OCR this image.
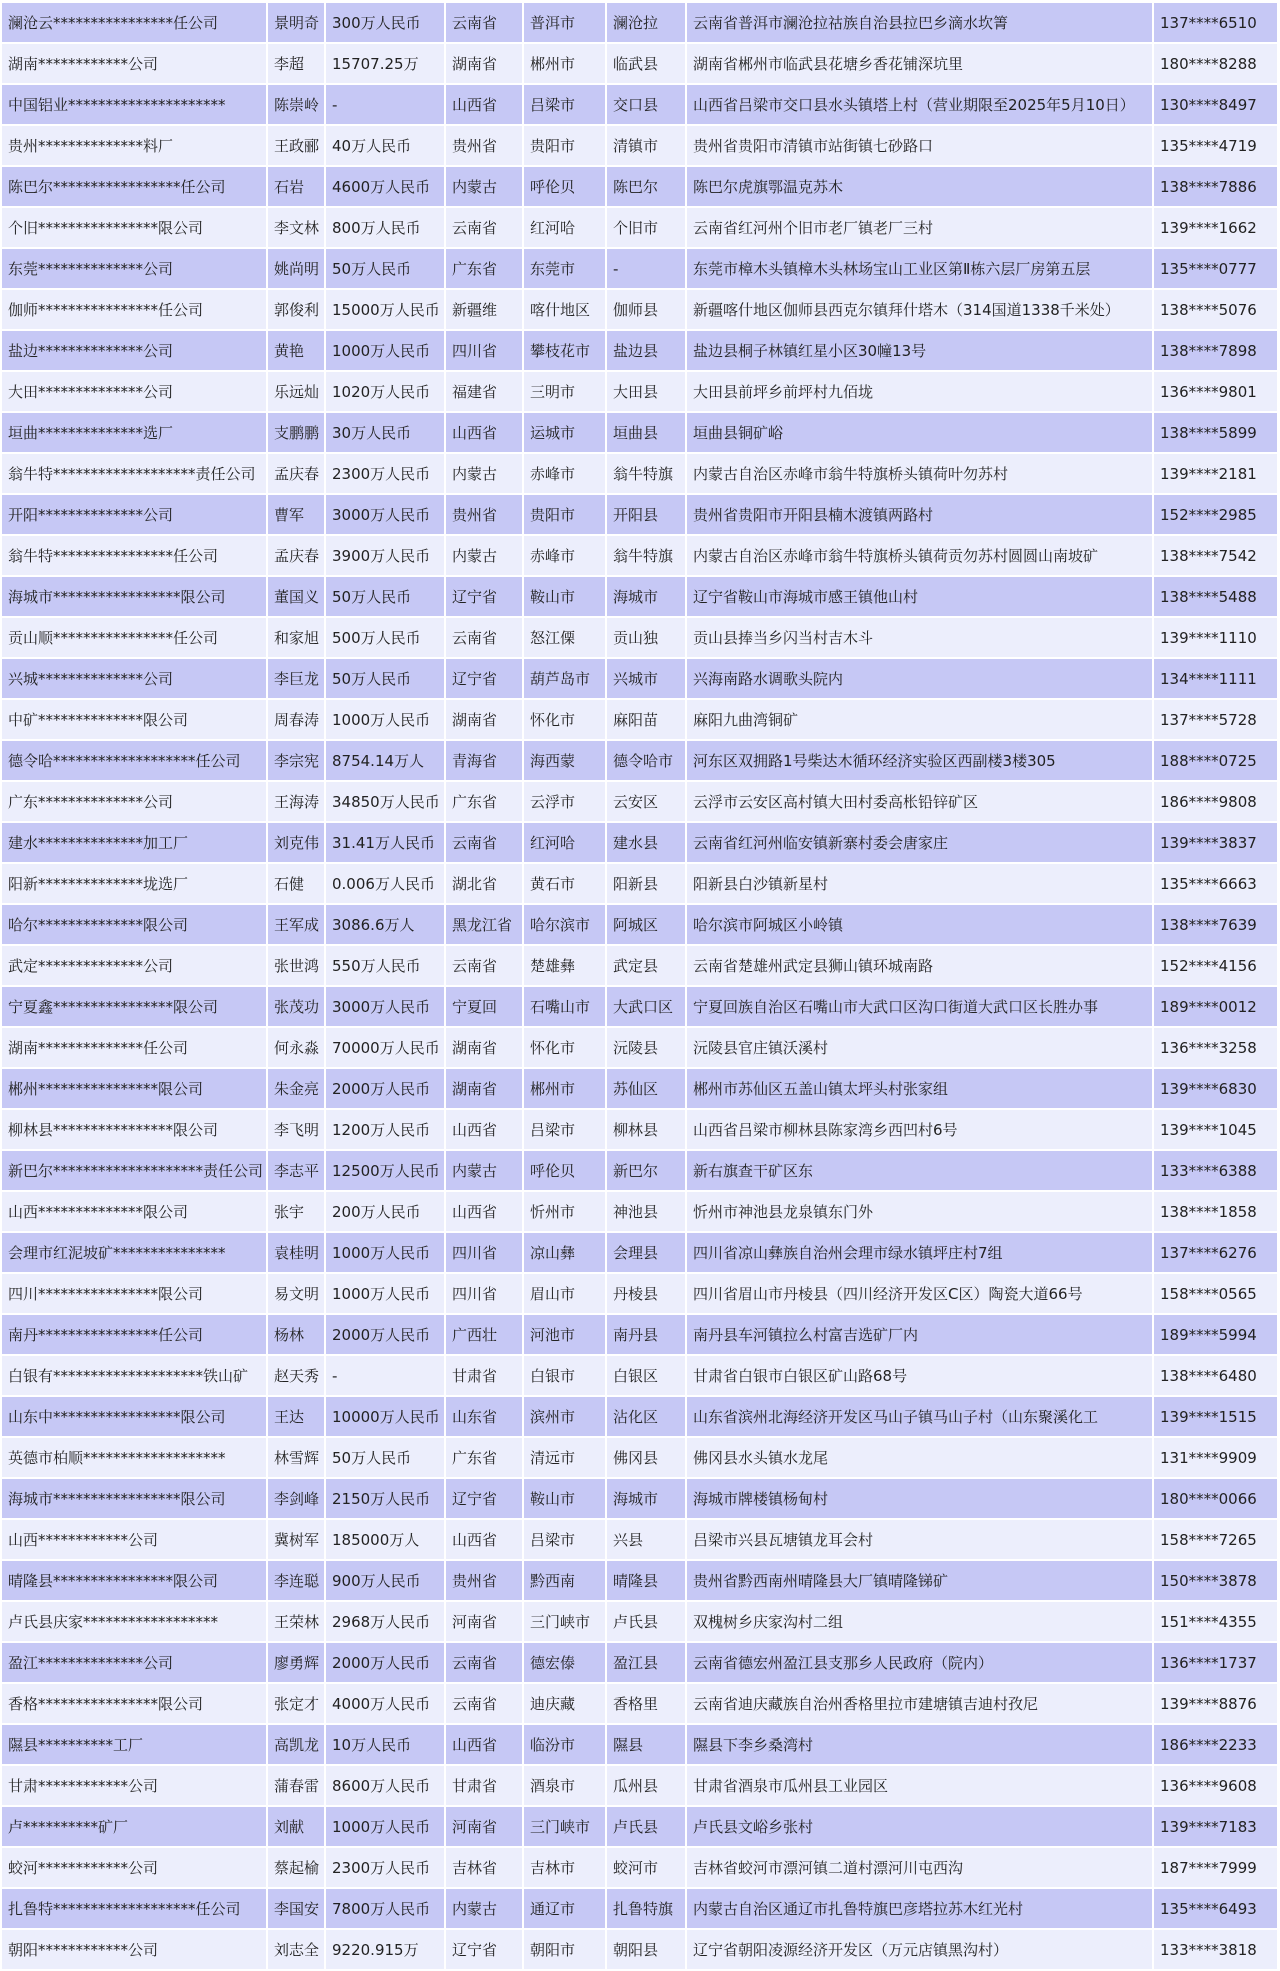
澜沧云****************任公司	景明奇	300万人民币	云南省	普洱市	澜沧拉	云南省普洱市澜沧拉祜族自治县拉巴乡滴水坎箐	137****6510
湖南************公司	李超	15707.25万	湖南省	郴州市	临武县	湖南省郴州市临武县花塘乡香花铺深坑里	180****8288
中国铝业*********************	陈崇岭	-	山西省	吕梁市	交口县	山西省吕梁市交口县水头镇塔上村（营业期限至2025年5月10日）	130****8497
贵州**************料厂	王政郦	40万人民币	贵州省	贵阳市	清镇市	贵州省贵阳市清镇市站街镇七砂路口	135****4719
陈巴尔*****************任公司	石岩	4600万人民币	内蒙古	呼伦贝	陈巴尔	陈巴尔虎旗鄂温克苏木	138****7886
个旧****************限公司	李文林	800万人民币	云南省	红河哈	个旧市	云南省红河州个旧市老厂镇老厂三村	139****1662
东莞**************公司	姚尚明	50万人民币	广东省	东莞市	-	东莞市樟木头镇樟木头林场宝山工业区第Ⅱ栋六层厂房第五层	135****0777
伽师****************任公司	郭俊利	15000万人民币	新疆维	喀什地区	伽师县	新疆喀什地区伽师县西克尔镇拜什塔木（314国道1338千米处）	138****5076
盐边**************公司	黄艳	1000万人民币	四川省	攀枝花市	盐边县	盐边县桐子林镇红星小区30幢13号	138****7898
大田**************公司	乐远灿	1020万人民币	福建省	三明市	大田县	大田县前坪乡前坪村九佰垅	136****9801
垣曲**************选厂	支鹏鹏	30万人民币	山西省	运城市	垣曲县	垣曲县铜矿峪	138****5899
翁牛特*******************责任公司	孟庆春	2300万人民币	内蒙古	赤峰市	翁牛特旗	内蒙古自治区赤峰市翁牛特旗桥头镇荷叶勿苏村	139****2181
开阳**************公司	曹军	3000万人民币	贵州省	贵阳市	开阳县	贵州省贵阳市开阳县楠木渡镇两路村	152****2985
翁牛特****************任公司	孟庆春	3900万人民币	内蒙古	赤峰市	翁牛特旗	内蒙古自治区赤峰市翁牛特旗桥头镇荷贡勿苏村圆圆山南坡矿	138****7542
海城市*****************限公司	董国义	50万人民币	辽宁省	鞍山市	海城市	辽宁省鞍山市海城市感王镇他山村	138****5488
贡山顺****************任公司	和家旭	500万人民币	云南省	怒江傈	贡山独	贡山县捧当乡闪当村吉木斗	139****1110
兴城**************公司	李巨龙	50万人民币	辽宁省	葫芦岛市	兴城市	兴海南路水调歌头院内	134****1111
中矿**************限公司	周春涛	1000万人民币	湖南省	怀化市	麻阳苗	麻阳九曲湾铜矿	137****5728
德令哈*******************任公司	李宗宪	8754.14万人	青海省	海西蒙	德令哈市	河东区双拥路1号柴达木循环经济实验区西副楼3楼305	188****0725
广东**************公司	王海涛	34850万人民币	广东省	云浮市	云安区	云浮市云安区高村镇大田村委高枨铅锌矿区	186****9808
建水**************加工厂	刘克伟	31.41万人民币	云南省	红河哈	建水县	云南省红河州临安镇新寨村委会唐家庄	139****3837
阳新**************垅选厂	石健	0.006万人民币	湖北省	黄石市	阳新县	阳新县白沙镇新星村	135****6663
哈尔**************限公司	王军成	3086.6万人	黑龙江省	哈尔滨市	阿城区	哈尔滨市阿城区小岭镇	138****7639
武定**************公司	张世鸿	550万人民币	云南省	楚雄彝	武定县	云南省楚雄州武定县狮山镇环城南路	152****4156
宁夏鑫****************限公司	张茂功	3000万人民币	宁夏回	石嘴山市	大武口区	宁夏回族自治区石嘴山市大武口区沟口街道大武口区长胜办事	189****0012
湖南**************任公司	何永淼	70000万人民币	湖南省	怀化市	沅陵县	沅陵县官庄镇沃溪村	136****3258
郴州****************限公司	朱金亮	2000万人民币	湖南省	郴州市	苏仙区	郴州市苏仙区五盖山镇太坪头村张家组	139****6830
柳林县****************限公司	李飞明	1200万人民币	山西省	吕梁市	柳林县	山西省吕梁市柳林县陈家湾乡西凹村6号	139****1045
新巴尔********************责任公司	李志平	12500万人民币	内蒙古	呼伦贝	新巴尔	新右旗查干矿区东	133****6388
山西**************限公司	张宇	200万人民币	山西省	忻州市	神池县	忻州市神池县龙泉镇东门外	138****1858
会理市红泥坡矿***************	袁桂明	1000万人民币	四川省	凉山彝	会理县	四川省凉山彝族自治州会理市绿水镇坪庄村7组	137****6276
四川****************限公司	易文明	1000万人民币	四川省	眉山市	丹棱县	四川省眉山市丹棱县（四川经济开发区C区）陶瓷大道66号	158****0565
南丹****************任公司	杨林	2000万人民币	广西壮	河池市	南丹县	南丹县车河镇拉么村富吉选矿厂内	189****5994
白银有********************铁山矿	赵天秀	-	甘肃省	白银市	白银区	甘肃省白银市白银区矿山路68号	138****6480
山东中*****************限公司	王达	10000万人民币	山东省	滨州市	沾化区	山东省滨州北海经济开发区马山子镇马山子村（山东聚溪化工	139****1515
英德市柏顺*******************	林雪辉	50万人民币	广东省	清远市	佛冈县	佛冈县水头镇水龙尾	131****9909
海城市*****************限公司	李剑峰	2150万人民币	辽宁省	鞍山市	海城市	海城市牌楼镇杨甸村	180****0066
山西************公司	冀树军	185000万人	山西省	吕梁市	兴县	吕梁市兴县瓦塘镇龙耳会村	158****7265
晴隆县****************限公司	李连聪	900万人民币	贵州省	黔西南	晴隆县	贵州省黔西南州晴隆县大厂镇晴隆锑矿	150****3878
卢氏县庆家******************	王荣林	2968万人民币	河南省	三门峡市	卢氏县	双槐树乡庆家沟村二组	151****4355
盈江**************公司	廖勇辉	2000万人民币	云南省	德宏傣	盈江县	云南省德宏州盈江县支那乡人民政府（院内）	136****1737
香格****************限公司	张定才	4000万人民币	云南省	迪庆藏	香格里	云南省迪庆藏族自治州香格里拉市建塘镇吉迪村孜尼	139****8876
隰县**********工厂	高凯龙	10万人民币	山西省	临汾市	隰县	隰县下李乡桑湾村	186****2233
甘肃************公司	蒲春雷	8600万人民币	甘肃省	酒泉市	瓜州县	甘肃省酒泉市瓜州县工业园区	136****9608
卢**********矿厂	刘献	1000万人民币	河南省	三门峡市	卢氏县	卢氏县文峪乡张村	139****7183
蛟河************公司	蔡起榆	2300万人民币	吉林省	吉林市	蛟河市	吉林省蛟河市漂河镇二道村漂河川屯西沟	187****7999
扎鲁特*******************任公司	李国安	7800万人民币	内蒙古	通辽市	扎鲁特旗	内蒙古自治区通辽市扎鲁特旗巴彦塔拉苏木红光村	135****6493
朝阳************公司	刘志全	9220.915万	辽宁省	朝阳市	朝阳县	辽宁省朝阳凌源经济开发区（万元店镇黑沟村）	133****3818
